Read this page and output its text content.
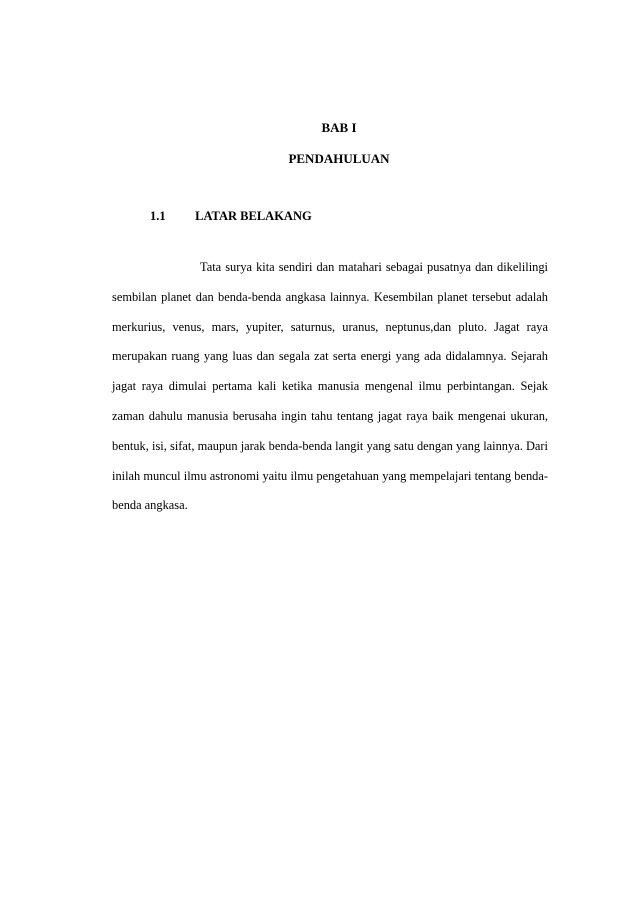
BAB I
PENDAHULUAN
1.1 LATAR BELAKANG

Tata surya kita sendiri dan matahari sebagai pusatnya dan dikelilingi sembilan planet dan benda-benda angkasa lainnya. Kesembilan planet tersebut adalah merkurius, venus, mars, yupiter, saturnus, uranus, neptunus,dan pluto. Jagat raya merupakan ruang yang luas dan segala zat serta energi yang ada didalamnya. Sejarah jagat raya dimulai pertama kali ketika manusia mengenal ilmu perbintangan. Sejak zaman dahulu manusia berusaha ingin tahu tentang jagat raya baik mengenai ukuran, bentuk, isi, sifat, maupun jarak benda-benda langit yang satu dengan yang lainnya. Dari inilah muncul ilmu astronomi yaitu ilmu pengetahuan yang mempelajari tentang benda-benda angkasa.
